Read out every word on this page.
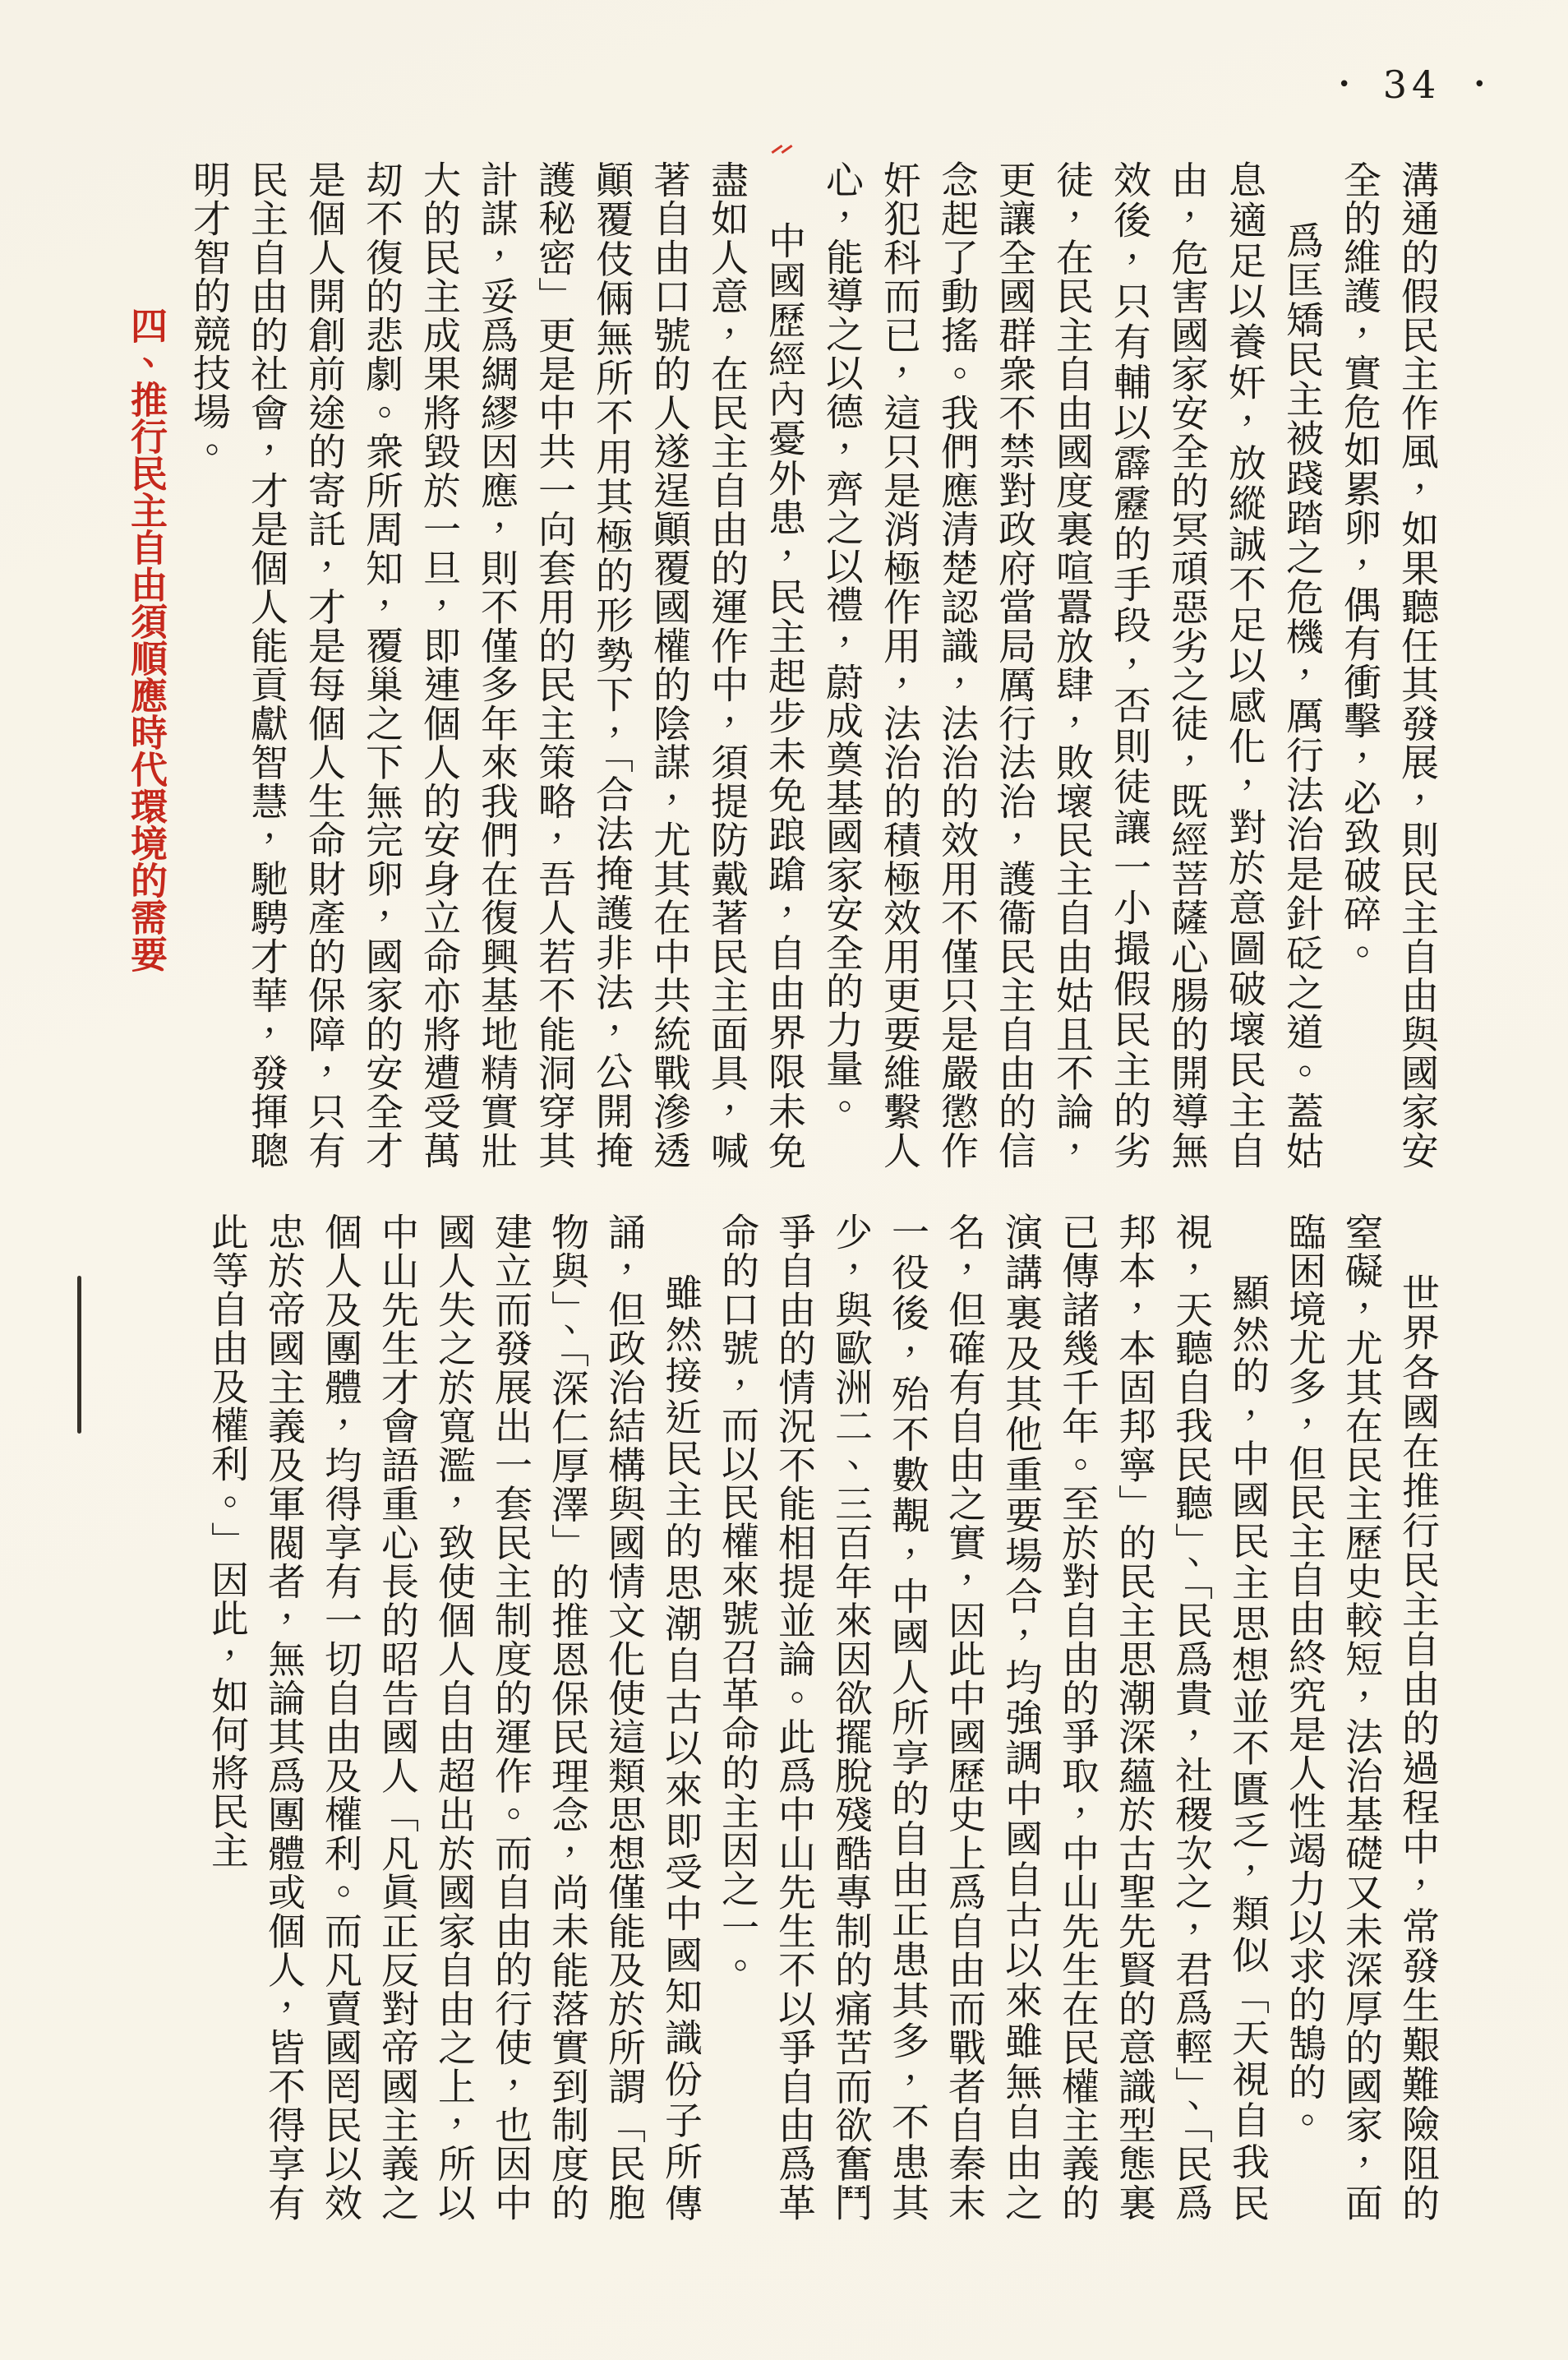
• 34 •

溝通的假民主作風，如果聽任其發展，則民主自由與國家安全的維護，實危如累卵，偶有衝擊，必致破碎。

爲匡矯民主被踐踏之危機，厲行法治是針砭之道。蓋姑息適足以養奸，放縱誠不足以感化，對於意圖破壞民主自由，危害國家安全的冥頑惡劣之徒，既經菩薩心腸的開導無效後，只有輔以霹靂的手段，否則徒讓一小撮假民主的劣徒，在民主自由國度裏喧囂放肆，敗壞民主自由姑且不論，更讓全國群衆不禁對政府當局厲行法治，護衞民主自由的信念起了動搖。我們應清楚認識，法治的效用不僅只是嚴懲作奸犯科而已，這只是消極作用，法治的積極效用更要維繫人心，能導之以德，齊之以禮，蔚成奠基國家安全的力量。

中國歷經內憂外患，民主起步未免踉蹌，自由界限未免盡如人意，在民主自由的運作中，須提防戴著民主面具，喊著自由口號的人遂逞顚覆國權的陰謀，尤其在中共統戰滲透顚覆伎倆無所不用其極的形勢下，「合法掩護非法，公開掩護秘密」更是中共一向套用的民主策略，吾人若不能洞穿其計謀，妥爲綢繆因應，則不僅多年來我們在復興基地精實壯大的民主成果將毀於一旦，即連個人的安身立命亦將遭受萬刧不復的悲劇。衆所周知，覆巢之下無完卵，國家的安全才是個人開創前途的寄託，才是每個人生命財產的保障，只有民主自由的社會，才是個人能貢獻智慧，馳騁才華，發揮聰明才智的競技場。

四、推行民主自由須順應時代環境的需要

世界各國在推行民主自由的過程中，常發生艱難險阻的窒礙，尤其在民主歷史較短，法治基礎又未深厚的國家，面臨困境尤多，但民主自由終究是人性竭力以求的鵠的。

顯然的，中國民主思想並不匱乏，類似「天視自我民視，天聽自我民聽」、「民爲貴，社稷次之，君爲輕」、「民爲邦本，本固邦寧」的民主思潮深蘊於古聖先賢的意識型態裏已傳諸幾千年。至於對自由的爭取，中山先生在民權主義的演講裏及其他重要場合，均強調中國自古以來雖無自由之名，但確有自由之實，因此中國歷史上爲自由而戰者自秦末一役後，殆不數覯，中國人所享的自由正患其多，不患其少，與歐洲二、三百年來因欲擺脫殘酷專制的痛苦而欲奮鬥爭自由的情況不能相提並論。此爲中山先生不以爭自由爲革命的口號，而以民權來號召革命的主因之一。

雖然接近民主的思潮自古以來即受中國知識份子所傳誦，但政治結構與國情文化使這類思想僅能及於所謂「民胞物與」、「深仁厚澤」的推恩保民理念，尚未能落實到制度的建立而發展出一套民主制度的運作。而自由的行使，也因中國人失之於寬濫，致使個人自由超出於國家自由之上，所以中山先生才會語重心長的昭告國人「凡眞正反對帝國主義之個人及團體，均得享有一切自由及權利。而凡賣國罔民以效忠於帝國主義及軍閥者，無論其爲團體或個人，皆不得享有此等自由及權利。」因此，如何將民主
